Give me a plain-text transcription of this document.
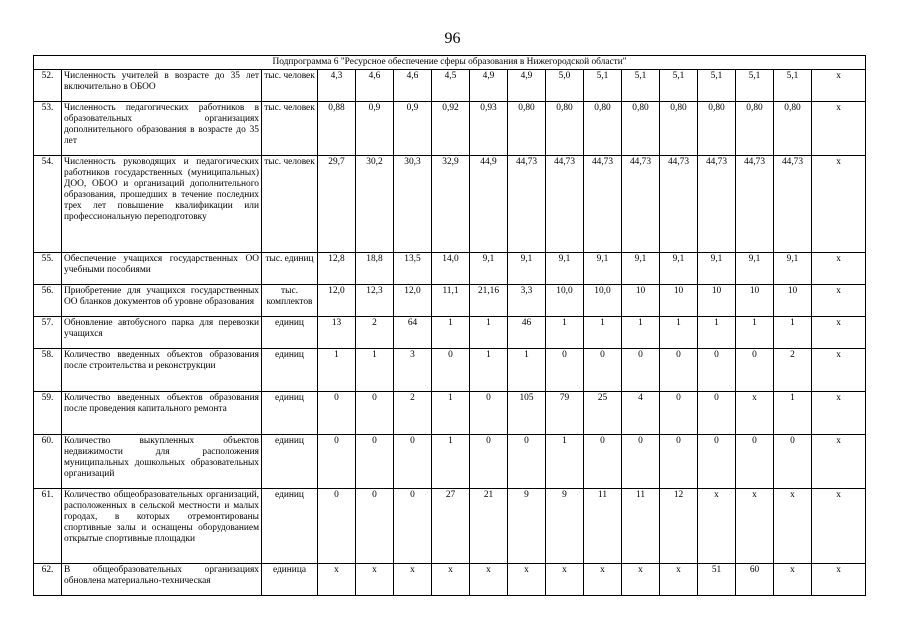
96
Подпрограмма 6 "Ресурсное обеспечение сферы образования в Нижегородской области"																
52.	Численность учителей в возрасте до 35 лет включительно в ОБОО	тыс. человек	4,3	4,6	4,6	4,5	4,9	4,9	5,0	5,1	5,1	5,1	5,1	5,1	5,1	x
53.	Численность педагогических работников в образовательных организациях дополнительного образования в возрасте до 35 лет	тыс. человек	0,88	0,9	0,9	0,92	0,93	0,80	0,80	0,80	0,80	0,80	0,80	0,80	0,80	x
54.	Численность руководящих и педагогических работников государственных (муниципальных) ДОО, ОБОО и организаций дополнительного образования, прошедших в течение последних трех лет повышение квалификации или профессиональную переподготовку	тыс. человек	29,7	30,2	30,3	32,9	44,9	44,73	44,73	44,73	44,73	44,73	44,73	44,73	44,73	x
55.	Обеспечение учащихся государственных ОО учебными пособиями	тыс. единиц	12,8	18,8	13,5	14,0	9,1	9,1	9,1	9,1	9,1	9,1	9,1	9,1	9,1	x
56.	Приобретение для учащихся государственных ОО бланков документов об уровне образования	тыс. комплектов	12,0	12,3	12,0	11,1	21,16	3,3	10,0	10,0	10	10	10	10	10	x
57.	Обновление автобусного парка для перевозки учащихся	единиц	13	2	64	1	1	46	1	1	1	1	1	1	1	x
58.	Количество введенных объектов образования после строительства и реконструкции	единиц	1	1	3	0	1	1	0	0	0	0	0	0	2	x
59.	Количество введенных объектов образования после проведения капитального ремонта	единиц	0	0	2	1	0	105	79	25	4	0	0	x	1	x
60.	Количество выкупленных объектов недвижимости для расположения муниципальных дошкольных образовательных организаций	единиц	0	0	0	1	0	0	1	0	0	0	0	0	0	x
61.	Количество общеобразовательных организаций, расположенных в сельской местности и малых городах, в которых отремонтированы спортивные залы и оснащены оборудованием открытые спортивные площадки	единиц	0	0	0	27	21	9	9	11	11	12	x	x	x	x
62.	В общеобразовательных организациях обновлена материально-техническая	единица	x	x	x	x	x	x	x	x	x	x	51	60	x	x
